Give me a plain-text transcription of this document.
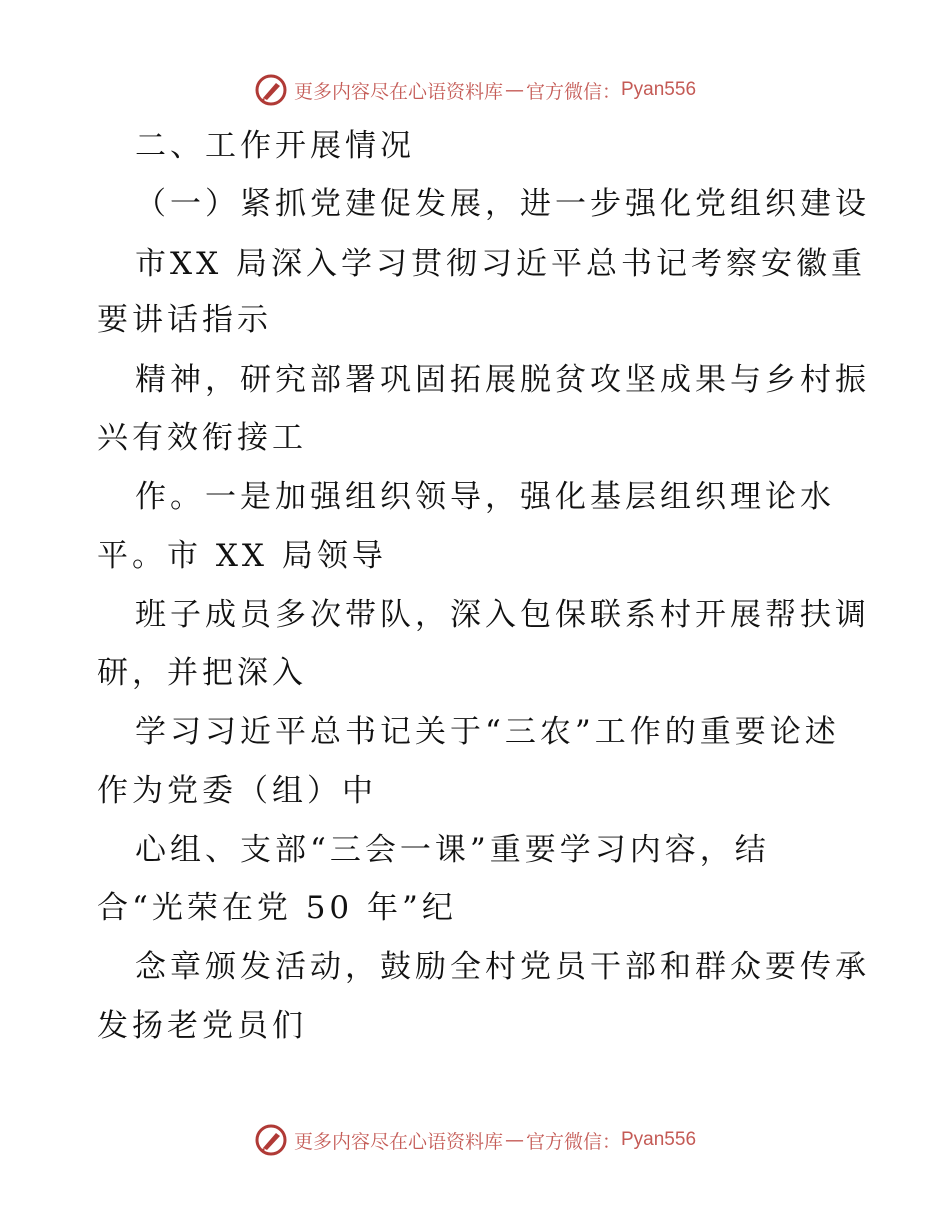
更多内容尽在心语资料库 — 官方微信： Pyan556
二、工作开展情况
（一）紧抓党建促发展，进一步强化党组织建设
市XX 局深入学习贯彻习近平总书记考察安徽重
要讲话指示
精神，研究部署巩固拓展脱贫攻坚成果与乡村振
兴有效衔接工
作。一是加强组织领导，强化基层组织理论水
平。市 XX 局领导
班子成员多次带队，深入包保联系村开展帮扶调
研，并把深入
学习习近平总书记关于“三农”工作的重要论述
作为党委（组）中
心组、支部“三会一课”重要学习内容，结
合“光荣在党 50 年”纪
念章颁发活动，鼓励全村党员干部和群众要传承
发扬老党员们
更多内容尽在心语资料库 — 官方微信： Pyan556
